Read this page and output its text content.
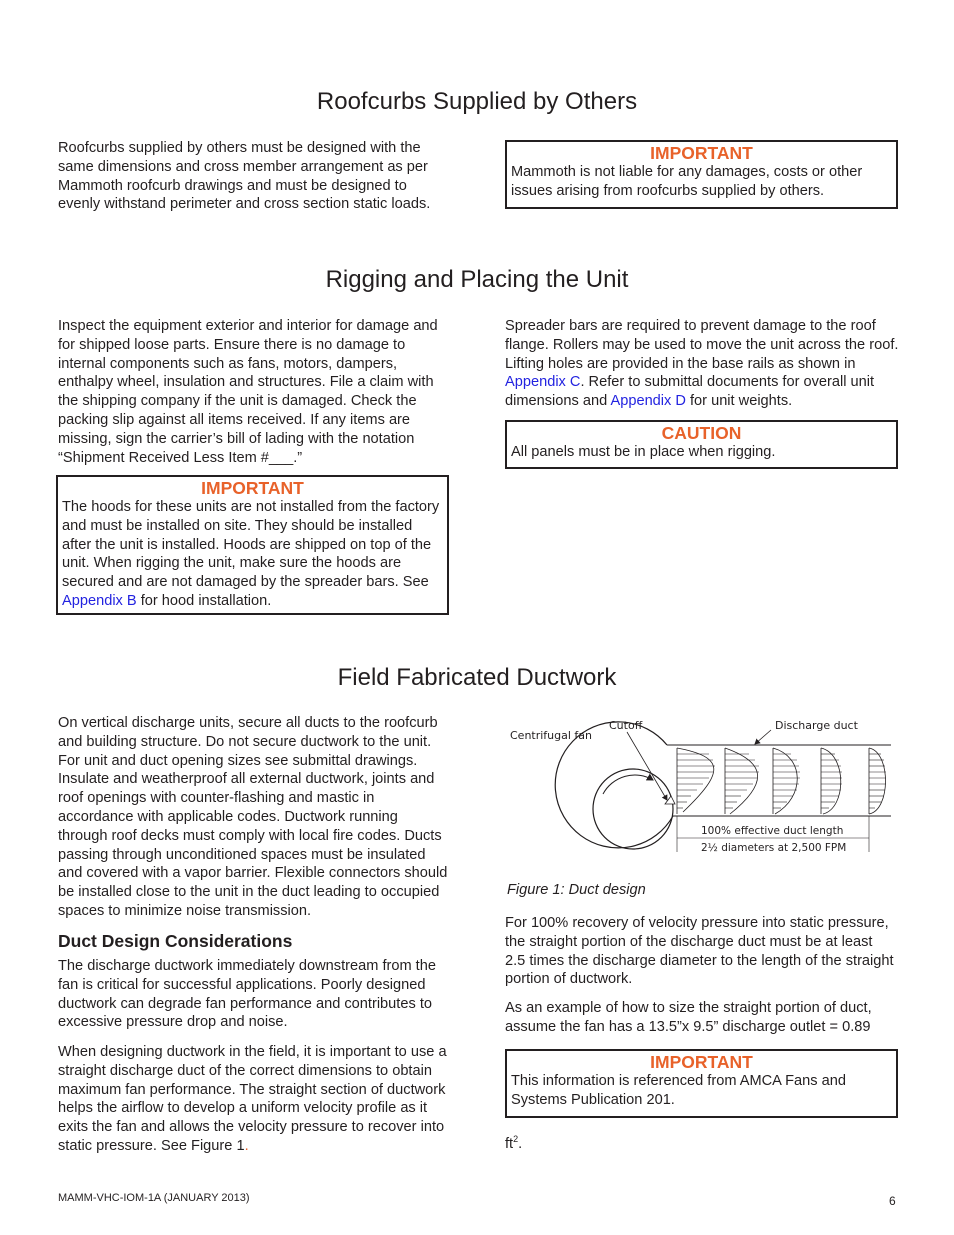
Roofcurbs Supplied by Others

Roofcurbs supplied by others must be designed with the same dimensions and cross member arrangement as per Mammoth roofcurb drawings and must be designed to evenly withstand perimeter and cross section static loads.

IMPORTANT

Mammoth is not liable for any damages, costs or other issues arising from roofcurbs supplied by others.

Rigging and Placing the Unit

Inspect the equipment exterior and interior for damage and for shipped loose parts. Ensure there is no damage to internal components such as fans, motors, dampers, enthalpy wheel, insulation and structures. File a claim with the shipping company if the unit is damaged. Check the packing slip against all items received. If any items are missing, sign the carrier’s bill of lading with the notation “Shipment Received Less Item #___.”

IMPORTANT

The hoods for these units are not installed from the factory and must be installed on site. They should be installed after the unit is installed. Hoods are shipped on top of the unit. When rigging the unit, make sure the hoods are secured and are not damaged by the spreader bars. See Appendix B for hood installation.

Spreader bars are required to prevent damage to the roof flange. Rollers may be used to move the unit across the roof. Lifting holes are provided in the base rails as shown in Appendix C. Refer to submittal documents for overall unit dimensions and Appendix D for unit weights.

CAUTION

All panels must be in place when rigging.

Field Fabricated Ductwork

On vertical discharge units, secure all ducts to the roofcurb and building structure. Do not secure ductwork to the unit. For unit and duct opening sizes see submittal drawings. Insulate and weatherproof all external ductwork, joints and roof openings with counter-flashing and mastic in accordance with applicable codes. Ductwork running through roof decks must comply with local fire codes. Ducts passing through unconditioned spaces must be insulated and covered with a vapor barrier. Flexible connectors should be installed close to the unit in the duct leading to occupied spaces to minimize noise transmission.

Duct Design Considerations

The discharge ductwork immediately downstream from the fan is critical for successful applications. Poorly designed ductwork can degrade fan performance and contributes to excessive pressure drop and noise.

When designing ductwork in the field, it is important to use a straight discharge duct of the correct dimensions to obtain maximum fan performance. The straight section of ductwork helps the airflow to develop a uniform velocity profile as it exits the fan and allows the velocity pressure to recover into static pressure. See Figure 1.

Centrifugal fan
Cutoff	Discharge duct
100% effective duct length
2½ diameters at 2,500 FPM
Figure 1: Duct design

For 100% recovery of velocity pressure into static pressure, the straight portion of the discharge duct must be at least 2.5 times the discharge diameter to the length of the straight portion of ductwork.

As an example of how to size the straight portion of duct, assume the fan has a 13.5”x 9.5” discharge outlet = 0.89

IMPORTANT

This information is referenced from AMCA Fans and Systems Publication 201.

$ft^2$.

MAMM-VHC-IOM-1A (JANUARY 2013)	6
